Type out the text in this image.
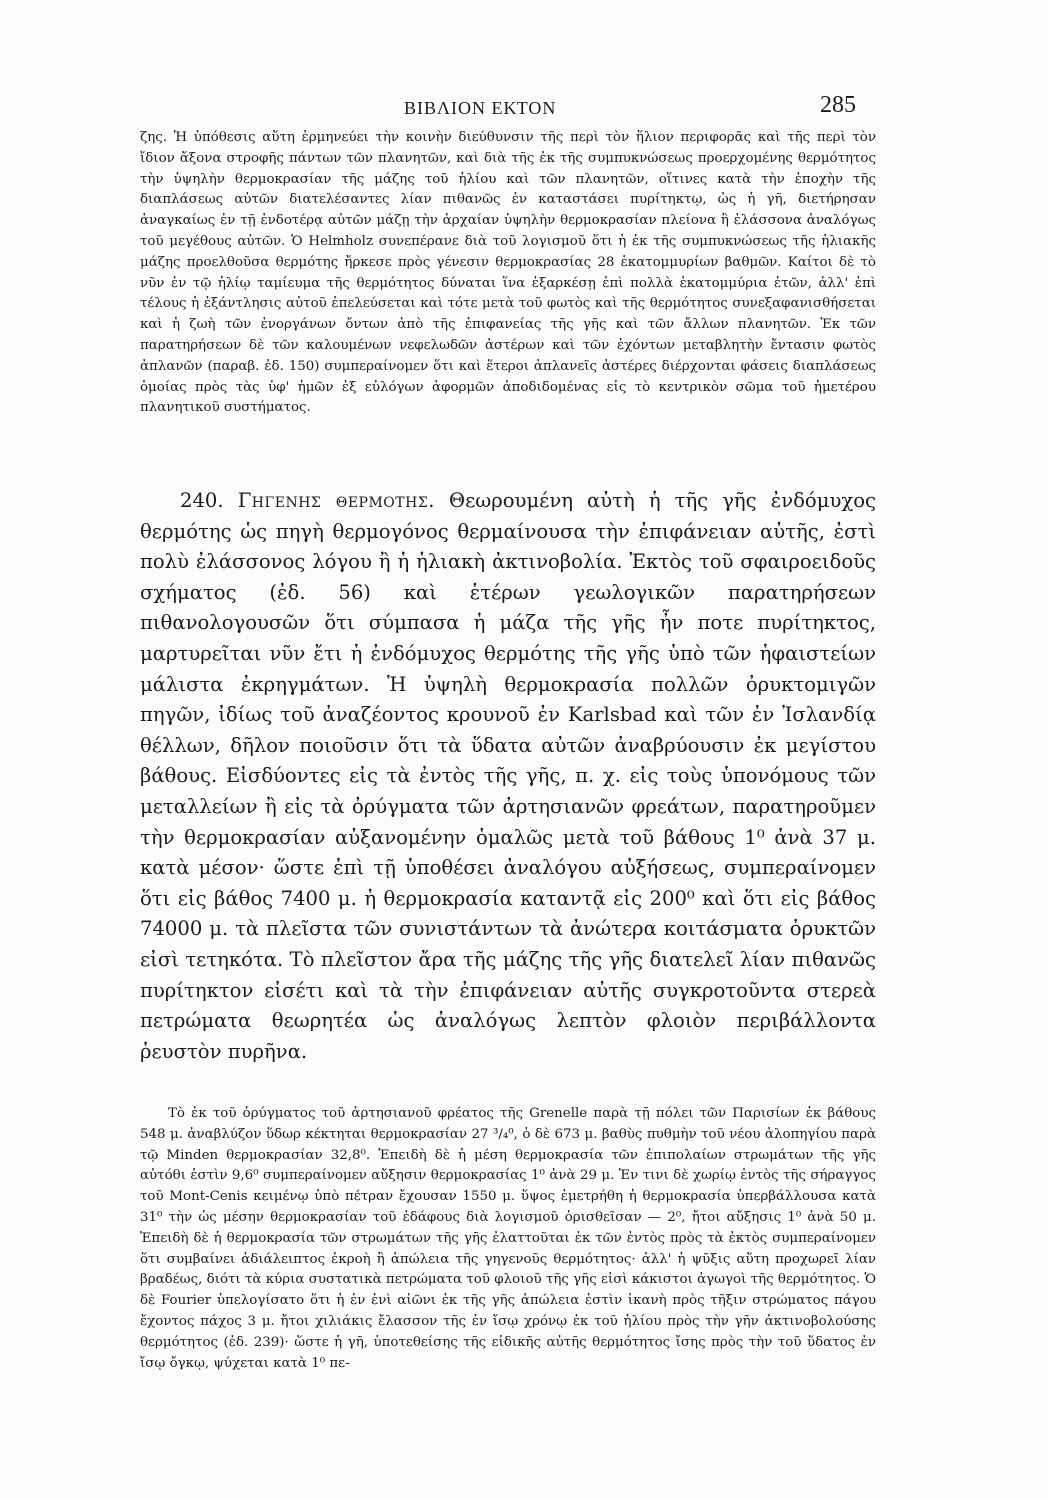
ΒΙΒΛΙΟΝ ΕΚΤΟΝ	285

ζης. Ἡ ὑπόθεσις αὕτη ἑρμηνεύει τὴν κοινὴν διεύθυνσιν τῆς περὶ τὸν ἥλιον περιφορᾶς καὶ τῆς περὶ τὸν ἴδιον ἄξονα στροφῆς πάντων τῶν πλανητῶν, καὶ διὰ τῆς ἐκ τῆς συμπυκνώσεως προερχομένης θερμότητος τὴν ὑψηλὴν θερμοκρασίαν τῆς μάζης τοῦ ἡλίου καὶ τῶν πλανητῶν, οἵτινες κατὰ τὴν ἐποχὴν τῆς διαπλάσεως αὐτῶν διατελέσαντες λίαν πιθανῶς ἐν καταστάσει πυρίτηκτῳ, ὡς ἡ γῆ, διετήρησαν ἀναγκαίως ἐν τῇ ἐνδοτέρᾳ αὐτῶν μάζῃ τὴν ἀρχαίαν ὑψηλὴν θερμοκρασίαν πλείονα ἢ ἐλάσσονα ἀναλόγως τοῦ μεγέθους αὐτῶν. Ὁ Helmholz συνεπέρανε διὰ τοῦ λογισμοῦ ὅτι ἡ ἐκ τῆς συμπυκνώσεως τῆς ἡλιακῆς μάζης προελθοῦσα θερμότης ἤρκεσε πρὸς γένεσιν θερμοκρασίας 28 ἑκατομμυρίων βαθμῶν. Καίτοι δὲ τὸ νῦν ἐν τῷ ἡλίῳ ταμίευμα τῆς θερμότητος δύναται ἵνα ἐξαρκέσῃ ἐπὶ πολλὰ ἑκατομμύρια ἐτῶν, ἀλλ' ἐπὶ τέλους ἡ ἐξάντλησις αὐτοῦ ἐπελεύσεται καὶ τότε μετὰ τοῦ φωτὸς καὶ τῆς θερμότητος συνεξαφανισθήσεται καὶ ἡ ζωὴ τῶν ἐνοργάνων ὄντων ἀπὸ τῆς ἐπιφανείας τῆς γῆς καὶ τῶν ἄλλων πλανητῶν. Ἐκ τῶν παρατηρήσεων δὲ τῶν καλουμένων νεφελωδῶν ἀστέρων καὶ τῶν ἐχόντων μεταβλητὴν ἔντασιν φωτὸς ἀπλανῶν (παραβ. ἐδ. 150) συμπεραίνομεν ὅτι καὶ ἕτεροι ἀπλανεῖς ἀστέρες διέρχονται φάσεις διαπλάσεως ὁμοίας πρὸς τὰς ὑφ' ἡμῶν ἐξ εὐλόγων ἀφορμῶν ἀποδιδομένας εἰς τὸ κεντρικὸν σῶμα τοῦ ἡμετέρου πλανητικοῦ συστήματος.

240. Γηγενης θερμοτης. Θεωρουμένη αὐτὴ ἡ τῆς γῆς ἐνδόμυχος θερμότης ὡς πηγὴ θερμογόνος θερμαίνουσα τὴν ἐπιφάνειαν αὐτῆς, ἐστὶ πολὺ ἐλάσσονος λόγου ἢ ἡ ἡλιακὴ ἀκτινοβολία. Ἐκτὸς τοῦ σφαιροειδοῦς σχήματος (ἐδ. 56) καὶ ἑτέρων γεωλογικῶν παρατηρήσεων πιθανολογουσῶν ὅτι σύμπασα ἡ μάζα τῆς γῆς ἦν ποτε πυρίτηκτος, μαρτυρεῖται νῦν ἔτι ἡ ἐνδόμυχος θερμότης τῆς γῆς ὑπὸ τῶν ἡφαιστείων μάλιστα ἐκρηγμάτων. Ἡ ὑψηλὴ θερμοκρασία πολλῶν ὀρυκτομιγῶν πηγῶν, ἰδίως τοῦ ἀναζέοντος κρουνοῦ ἐν Karlsbad καὶ τῶν ἐν Ἰσλανδίᾳ θέλλων, δῆλον ποιοῦσιν ὅτι τὰ ὕδατα αὐτῶν ἀναβρύουσιν ἐκ μεγίστου βάθους. Εἰσδύοντες εἰς τὰ ἐντὸς τῆς γῆς, π. χ. εἰς τοὺς ὑπονόμους τῶν μεταλλείων ἢ εἰς τὰ ὀρύγματα τῶν ἀρτησιανῶν φρεάτων, παρατηροῦμεν τὴν θερμοκρασίαν αὐξανομένην ὁμαλῶς μετὰ τοῦ βάθους 1⁰ ἀνὰ 37 μ. κατὰ μέσον· ὥστε ἐπὶ τῇ ὑποθέσει ἀναλόγου αὐξήσεως, συμπεραίνομεν ὅτι εἰς βάθος 7400 μ. ἡ θερμοκρασία καταντᾷ εἰς 200⁰ καὶ ὅτι εἰς βάθος 74000 μ. τὰ πλεῖστα τῶν συνιστάντων τὰ ἀνώτερα κοιτάσματα ὀρυκτῶν εἰσὶ τετηκότα. Τὸ πλεῖστον ἄρα τῆς μάζης τῆς γῆς διατελεῖ λίαν πιθανῶς πυρίτηκτον εἰσέτι καὶ τὰ τὴν ἐπιφάνειαν αὐτῆς συγκροτοῦντα στερεὰ πετρώματα θεωρητέα ὡς ἀναλόγως λεπτὸν φλοιὸν περιβάλλοντα ῥευστὸν πυρῆνα.

Τὸ ἐκ τοῦ ὀρύγματος τοῦ ἀρτησιανοῦ φρέατος τῆς Grenelle παρὰ τῇ πόλει τῶν Παρισίων ἐκ βάθους 548 μ. ἀναβλύζον ὕδωρ κέκτηται θερμοκρασίαν 27 ³/₄⁰, ὁ δὲ 673 μ. βαθὺς πυθμὴν τοῦ νέου ἀλοπηγίου παρὰ τῷ Minden θερμοκρασίαν 32,8⁰. Ἐπειδὴ δὲ ἡ μέση θερμοκρασία τῶν ἐπιπολαίων στρωμάτων τῆς γῆς αὐτόθι ἐστὶν 9,6⁰ συμπεραίνομεν αὔξησιν θερμοκρασίας 1⁰ ἀνὰ 29 μ. Ἐν τινι δὲ χωρίῳ ἐντὸς τῆς σήραγγος τοῦ Mont-Cenis κειμένῳ ὑπὸ πέτραν ἔχουσαν 1550 μ. ὕψος ἐμετρήθη ἡ θερμοκρασία ὑπερβάλλουσα κατὰ 31⁰ τὴν ὡς μέσην θερμοκρασίαν τοῦ ἐδάφους διὰ λογισμοῦ ὁρισθεῖσαν — 2⁰, ἤτοι αὔξησις 1⁰ ἀνὰ 50 μ. Ἐπειδὴ δὲ ἡ θερμοκρασία τῶν στρωμάτων τῆς γῆς ἐλαττοῦται ἐκ τῶν ἐντὸς πρὸς τὰ ἐκτὸς συμπεραίνομεν ὅτι συμβαίνει ἀδιάλειπτος ἐκροὴ ἢ ἀπώλεια τῆς γηγενοῦς θερμότητος· ἀλλ' ἡ ψῦξις αὕτη προχωρεῖ λίαν βραδέως, διότι τὰ κύρια συστατικὰ πετρώματα τοῦ φλοιοῦ τῆς γῆς εἰσὶ κάκιστοι ἀγωγοὶ τῆς θερμότητος. Ὁ δὲ Fourier ὑπελογίσατο ὅτι ἡ ἐν ἑνὶ αἰῶνι ἐκ τῆς γῆς ἀπώλεια ἐστὶν ἱκανὴ πρὸς τῆξιν στρώματος πάγου ἔχοντος πάχος 3 μ. ἤτοι χιλιάκις ἔλασσον τῆς ἐν ἴσῳ χρόνῳ ἐκ τοῦ ἡλίου πρὸς τὴν γῆν ἀκτινοβολούσης θερμότητος (ἐδ. 239)· ὥστε ἡ γῆ, ὑποτεθείσης τῆς εἰδικῆς αὐτῆς θερμότητος ἴσης πρὸς τὴν τοῦ ὕδατος ἐν ἴσῳ ὄγκῳ, ψύχεται κατὰ 1⁰ πε-
